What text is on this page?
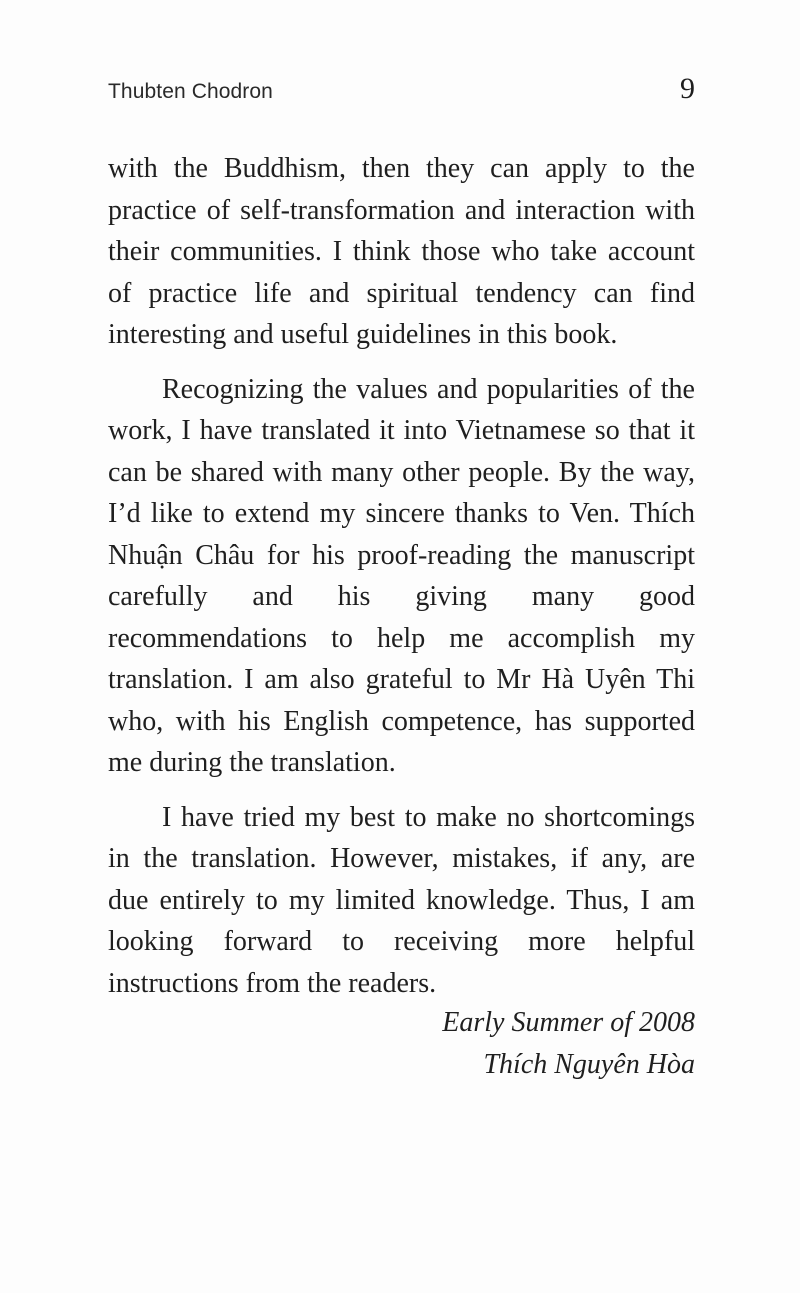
Thubten Chodron	9

with the Buddhism, then they can apply to the practice of self-transformation and interaction with their communities. I think those who take account of practice life and spiritual tendency can find interesting and useful guidelines in this book.

Recognizing the values and popularities of the work, I have translated it into Vietnamese so that it can be shared with many other people. By the way, I’d like to extend my sincere thanks to Ven. Thích Nhuận Châu for his proof-reading the manuscript carefully and his giving many good recommendations to help me accomplish my translation. I am also grateful to Mr Hà Uyên Thi who, with his English competence, has supported me during the translation.

I have tried my best to make no shortcomings in the translation. However, mistakes, if any, are due entirely to my limited knowledge. Thus, I am looking forward to receiving more helpful instructions from the readers.

Early Summer of 2008
Thích Nguyên Hòa
